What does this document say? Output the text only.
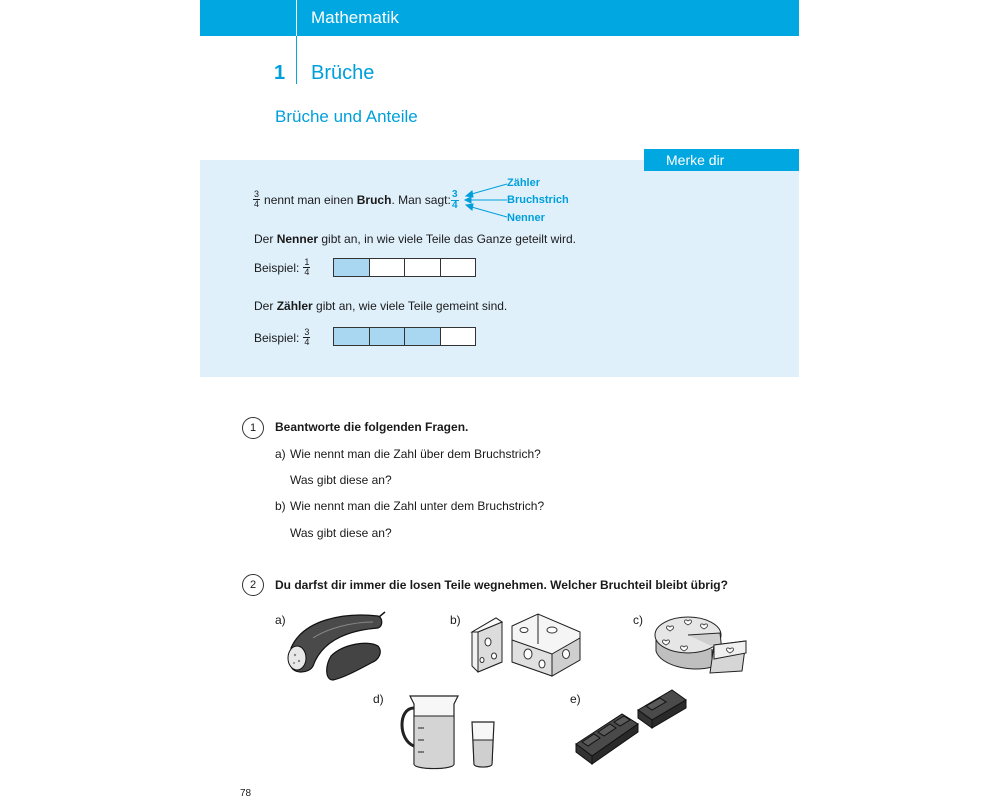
Mathematik
1 Brüche
Brüche und Anteile
Merke dir
$\frac{3}{4}$ nennt man einen Bruch. Man sagt: $\frac{3}{4}$
Zähler
Bruchstrich
Nenner
Der Nenner gibt an, in wie viele Teile das Ganze geteilt wird.
Beispiel: $\frac{1}{4}$
Der Zähler gibt an, wie viele Teile gemeint sind.
Beispiel: $\frac{3}{4}$
1	Beantworte die folgenden Fragen.
a) Wie nennt man die Zahl über dem Bruchstrich?
Was gibt diese an?
b) Wie nennt man die Zahl unter dem Bruchstrich?
Was gibt diese an?
2	Du darfst dir immer die losen Teile wegnehmen. Welcher Bruchteil bleibt übrig?
a)	b)	c)
d)	e)
78
